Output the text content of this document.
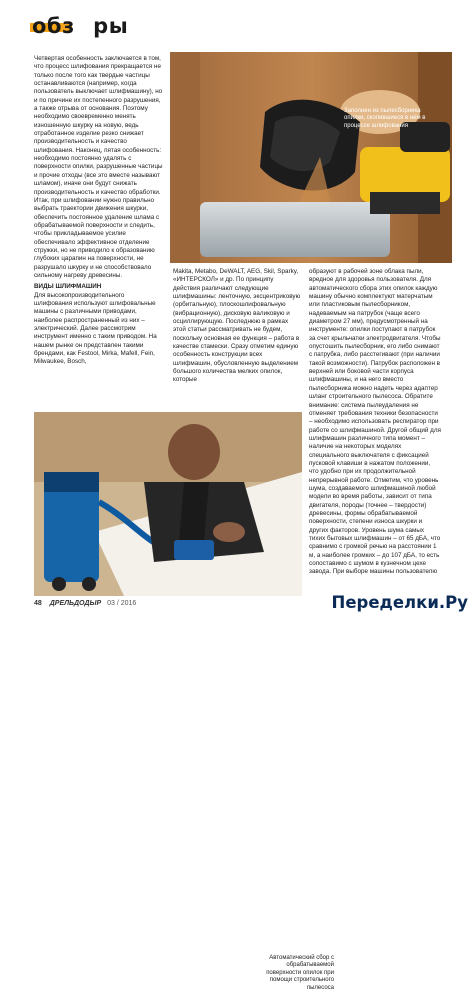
обзОры

Четвертая особенность заключается в том, что процесс шлифования прекращается не только после того как твердые частицы останавливаются (например, когда пользователь выключает шлифмашину), но и по причине их постепенного разрушения, а также отрыва от основания. Поэтому необходимо своевременно менять изношенную шкурку на новую, ведь отработанное изделие резко снижает производительность и качество шлифования. Наконец, пятая особенность: необходимо постоянно удалять с поверхности опилки, разрушенные частицы и прочие отходы (все это вместе называют шламом), иначе они будут снижать производительность и качество обработки.

Итак, при шлифовании нужно правильно выбрать траектории движения шкурки, обеспечить постоянное удаление шлама с обрабатываемой поверхности и следить, чтобы прикладываемое усилие обеспечивало эффективное отделение стружки, но не приводило к образованию глубоких царапин на поверхности, не разрушало шкурку и не способствовало сильному нагреву древесины.

ВИДЫ ШЛИФМАШИН

Для высокопроизводительного шлифования используют шлифовальные машины с различными приводами, наиболее распространенный из них – электрический. Далее рассмотрим инструмент именно с таким приводом. На нашем рынке он представлен такими брендами, как Festool, Mirka, Mafell, Fein, Milwaukee, Bosch,

Заполнен из пылесборника опилки, скопившиеся в нем в процессе шлифования

Makita, Metabo, DeWALT, AEG, Skil, Sparky, «ИНТЕРСКОЛ» и др. По принципу действия различают следующие шлифмашины: ленточную, эксцентриковую (орбитальную), плоскошлифовальную (вибрационную), дисковую валиковую и осциллирующую. Последнюю в рамках этой статьи рассматривать не будем, поскольку основная ее функция – работа в качестве стамески. Сразу отметим единую особенность конструкции всех шлифмашин, обусловленную выделением большого количества мелких опилок, которые

образуют в рабочей зоне облака пыли, вредное для здоровья пользователя. Для автоматического сбора этих опилок каждую машину обычно комплектуют матерчатым или пластиковым пылесборником, надеваемым на патрубок (чаще всего диаметром 27 мм), предусмотренный на инструменте: опилки поступают в патрубок за счет крыльчатки электродвигателя. Чтобы опустошить пылесборник, его либо снимают с патрубка, либо расстегивают (при наличии такой возможности). Патрубок расположен в верхней или боковой части корпуса шлифмашины, и на него вместо пылесборника можно надеть через адаптер шланг строительного пылесоса. Обратите внимание: система пылеудаления не отменяет требования техники безопасности – необходимо использовать респиратор при работе со шлифмашиной. Другой общий для шлифмашин различного типа момент – наличие на некоторых моделях специального выключателя с фиксацией пусковой клавиши в нажатом положении, что удобно при их продолжительной непрерывной работе. Отметим, что уровень шума, создаваемого шлифмашиной любой модели во время работы, зависит от типа двигателя, породы (точнее – твердости) древесины, формы обрабатываемой поверхности, степени износа шкурки и других факторов. Уровень шума самых тихих бытовых шлифмашин – от 65 дБА, что сравнимо с громкой речью на расстоянии 1 м, а наиболее громких – до 107 дБА, то есть сопоставимо с шумом в кузнечном цехе завода. При выборе машины пользователю

Автоматический сбор с обрабатываемой поверхности опилок при помощи строительного пылесоса
48 ДРЕЛЬДОДЫР 03 / 2016	Переделки.Ру
